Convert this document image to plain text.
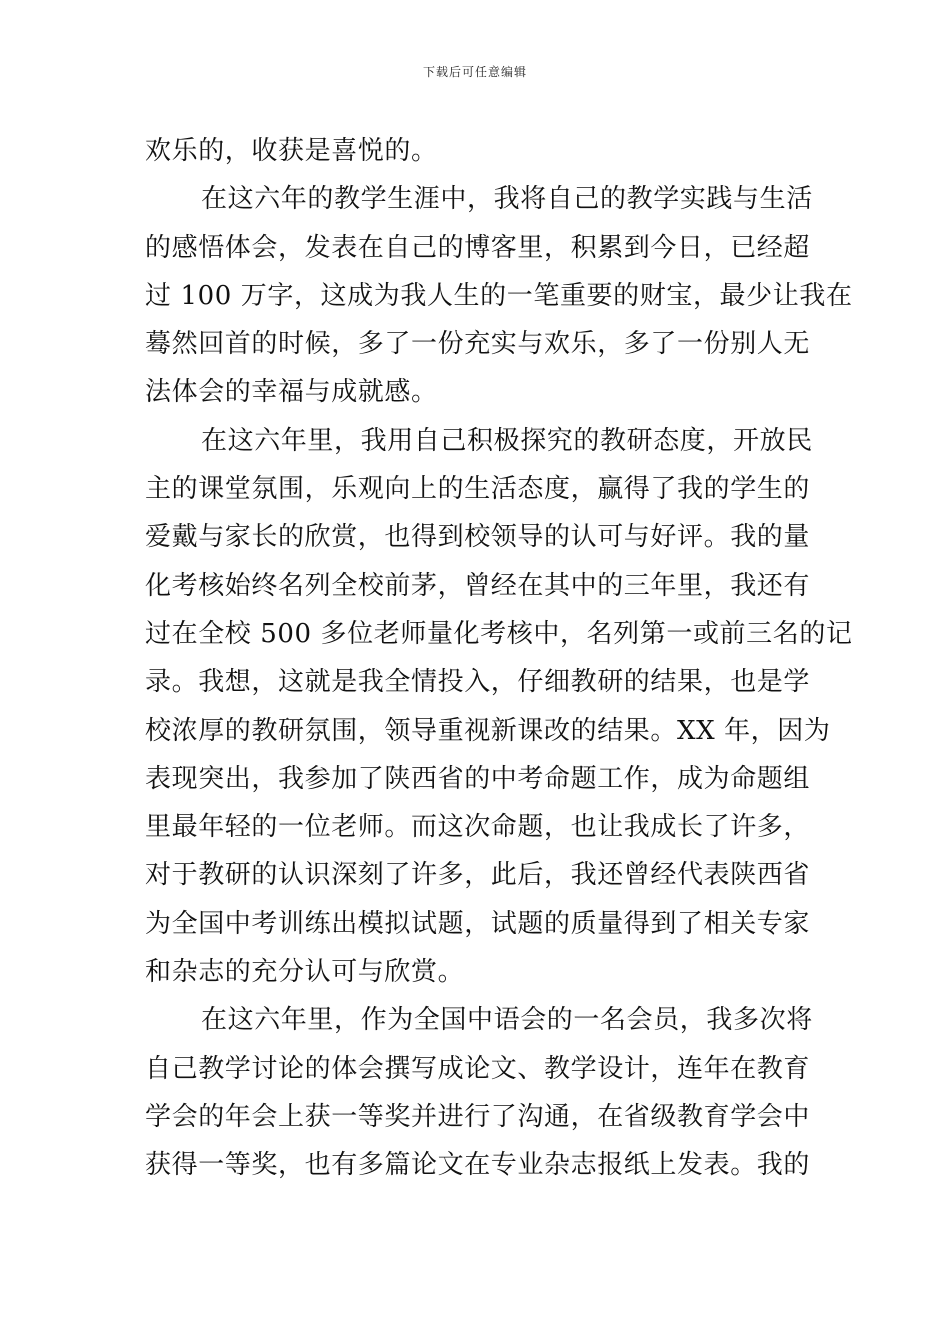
下载后可任意编辑
欢乐的，收获是喜悦的。
在这六年的教学生涯中，我将自己的教学实践与生活
的感悟体会，发表在自己的博客里，积累到今日，已经超
过 100 万字，这成为我人生的一笔重要的财宝，最少让我在
蓦然回首的时候，多了一份充实与欢乐，多了一份别人无
法体会的幸福与成就感。
在这六年里，我用自己积极探究的教研态度，开放民
主的课堂氛围，乐观向上的生活态度，赢得了我的学生的
爱戴与家长的欣赏，也得到校领导的认可与好评。我的量
化考核始终名列全校前茅，曾经在其中的三年里，我还有
过在全校 500 多位老师量化考核中，名列第一或前三名的记
录。我想，这就是我全情投入，仔细教研的结果，也是学
校浓厚的教研氛围，领导重视新课改的结果。XX 年，因为
表现突出，我参加了陕西省的中考命题工作，成为命题组
里最年轻的一位老师。而这次命题，也让我成长了许多，
对于教研的认识深刻了许多，此后，我还曾经代表陕西省
为全国中考训练出模拟试题，试题的质量得到了相关专家
和杂志的充分认可与欣赏。
在这六年里，作为全国中语会的一名会员，我多次将
自己教学讨论的体会撰写成论文、教学设计，连年在教育
学会的年会上获一等奖并进行了沟通，在省级教育学会中
获得一等奖，也有多篇论文在专业杂志报纸上发表。我的
